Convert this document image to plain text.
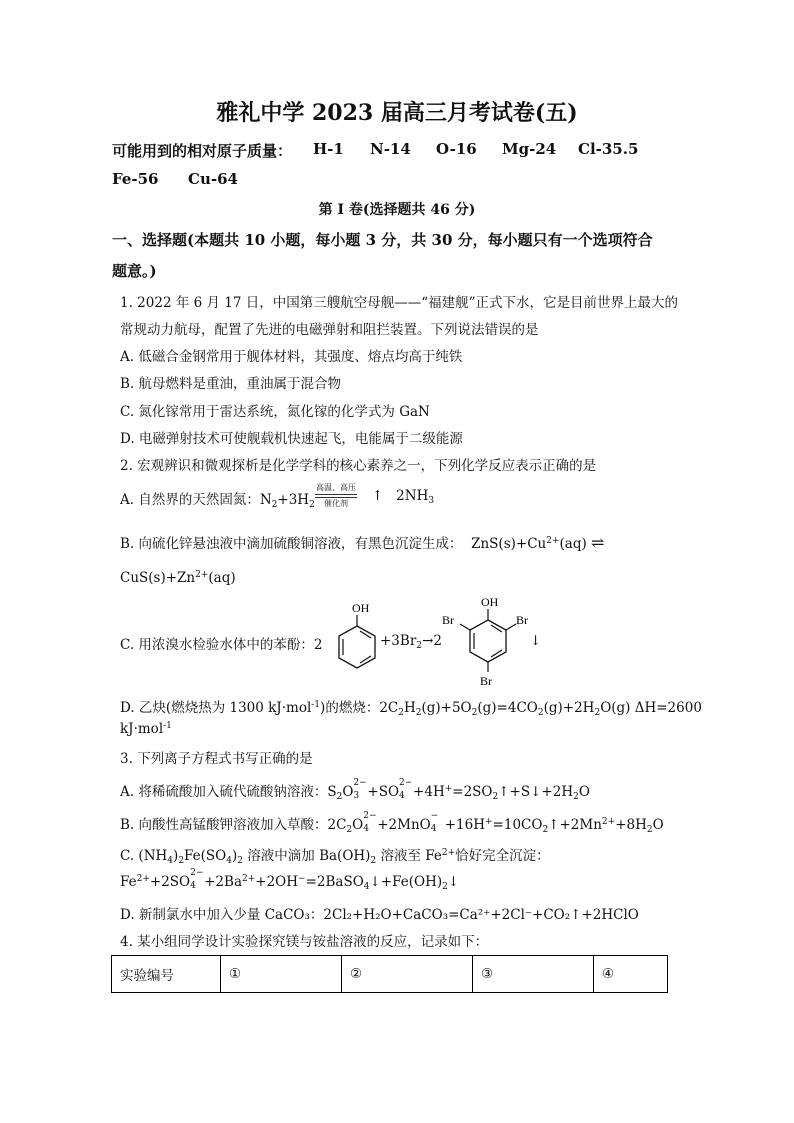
雅礼中学 2023 届高三月考试卷(五)
可能用到的相对原子质量： H-1 N-14 O-16 Mg-24 Cl-35.5
Fe-56 Cu-64
第 I 卷(选择题共 46 分)
一、选择题(本题共 10 小题，每小题 3 分，共 30 分，每小题只有一个选项符合
题意。)
1. 2022 年 6 月 17 日，中国第三艘航空母舰——“福建舰”正式下水，它是目前世界上最大的
常规动力航母，配置了先进的电磁弹射和阻拦装置。下列说法错误的是
A. 低磁合金钢常用于舰体材料，其强度、熔点均高于纯铁
B. 航母燃料是重油，重油属于混合物
C. 氮化镓常用于雷达系统，氮化镓的化学式为 GaN
D. 电磁弹射技术可使舰载机快速起飞，电能属于二级能源
2. 宏观辨识和微观探析是化学学科的核心素养之一，下列化学反应表示正确的是
A. 自然界的天然固氮：$N_2+3H_2$
高温、高压
催化剂	↑   $2NH_3$
B. 向硫化锌悬浊液中滴加硫酸铜溶液，有黑色沉淀生成：  $ZnS(s)+Cu^{2+}(aq)$ ⇌
$CuS(s)+Zn^{2+}(aq)$
C. 用浓溴水检验水体中的苯酚：2
OH
$+3Br_2\to 2$
OH
Br	Br
Br
↓
D. 乙炔(燃烧热为 1300 kJ·mol$^{-1}$)的燃烧：$2C_2H_2(g)+5O_2(g)=4CO_2(g)+2H_2O(g)$ ΔH=2600
kJ·mol$^{-1}$
3. 下列离子方程式书写正确的是
A. 将稀硫酸加入硫代硫酸钠溶液：$S_2O$
2−
3 +SO
2−
$4 +4H^+=2SO_2↑+S↓+2H_2O$
B. 向酸性高锰酸钾溶液加入草酸：$2C_2O$
2−
4 +2MnO
−
$4 +16H^+=10CO_2↑+2Mn^{2+}+8H_2O$
C. $(NH_4)_2Fe(SO_4)_2$ 溶液中滴加 $Ba(OH)_2$ 溶液至 $Fe^{2+}$恰好完全沉淀：
$Fe^{2+}+2SO$
2−
$4 +2Ba^{2+}+2OH^-=2BaSO_4↓+Fe(OH)_2↓$
D. 新制氯水中加入少量 CaCO₃：2Cl₂+H₂O+CaCO₃=Ca²⁺+2Cl⁻+CO₂↑+2HClO
4. 某小组同学设计实验探究镁与铵盐溶液的反应，记录如下：
实验编号	①	②	③	④
